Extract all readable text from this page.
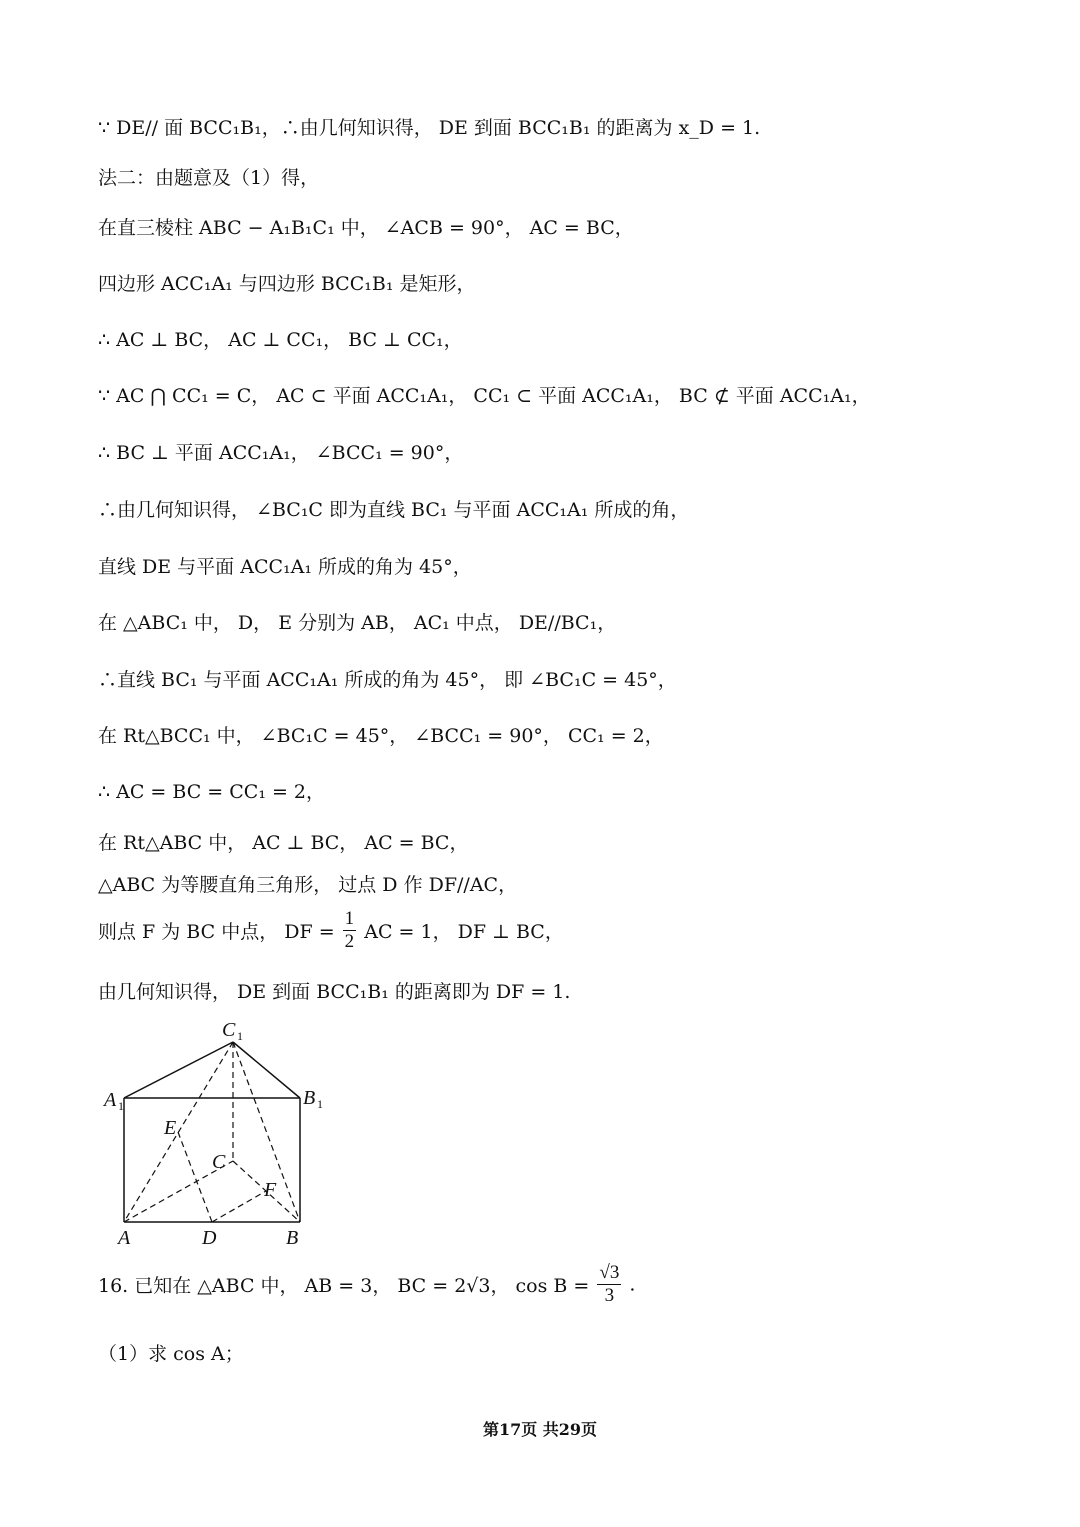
∵ DE// 面 BCC₁B₁，∴由几何知识得， DE 到面 BCC₁B₁ 的距离为 x_D = 1.
法二：由题意及（1）得，
在直三棱柱 ABC − A₁B₁C₁ 中， ∠ACB = 90°， AC = BC，
四边形 ACC₁A₁ 与四边形 BCC₁B₁ 是矩形，
∴ AC ⊥ BC， AC ⊥ CC₁， BC ⊥ CC₁，
∵ AC ⋂ CC₁ = C， AC ⊂ 平面 ACC₁A₁， CC₁ ⊂ 平面 ACC₁A₁， BC ⊄ 平面 ACC₁A₁，
∴ BC ⊥ 平面 ACC₁A₁， ∠BCC₁ = 90°，
∴由几何知识得， ∠BC₁C 即为直线 BC₁ 与平面 ACC₁A₁ 所成的角，
直线 DE 与平面 ACC₁A₁ 所成的角为 45°，
在 △ABC₁ 中， D， E 分别为 AB， AC₁ 中点， DE//BC₁，
∴直线 BC₁ 与平面 ACC₁A₁ 所成的角为 45°， 即 ∠BC₁C = 45°，
在 Rt△BCC₁ 中， ∠BC₁C = 45°， ∠BCC₁ = 90°， CC₁ = 2，
∴ AC = BC = CC₁ = 2，
在 Rt△ABC 中， AC ⊥ BC， AC = BC，
△ABC 为等腰直角三角形， 过点 D 作 DF//AC，
则点 F 为 BC 中点， DF = $\frac{1}{2}$ AC = 1， DF ⊥ BC，
由几何知识得， DE 到面 BCC₁B₁ 的距离即为 DF = 1.
C 1
A 1	B 1
E
C
F
A	D	B
16. 已知在 △ABC 中， AB = 3， BC = 2√3， $\cos B = \frac{√3}{3}$ .
（1）求 cos A；
第17页 共29页
